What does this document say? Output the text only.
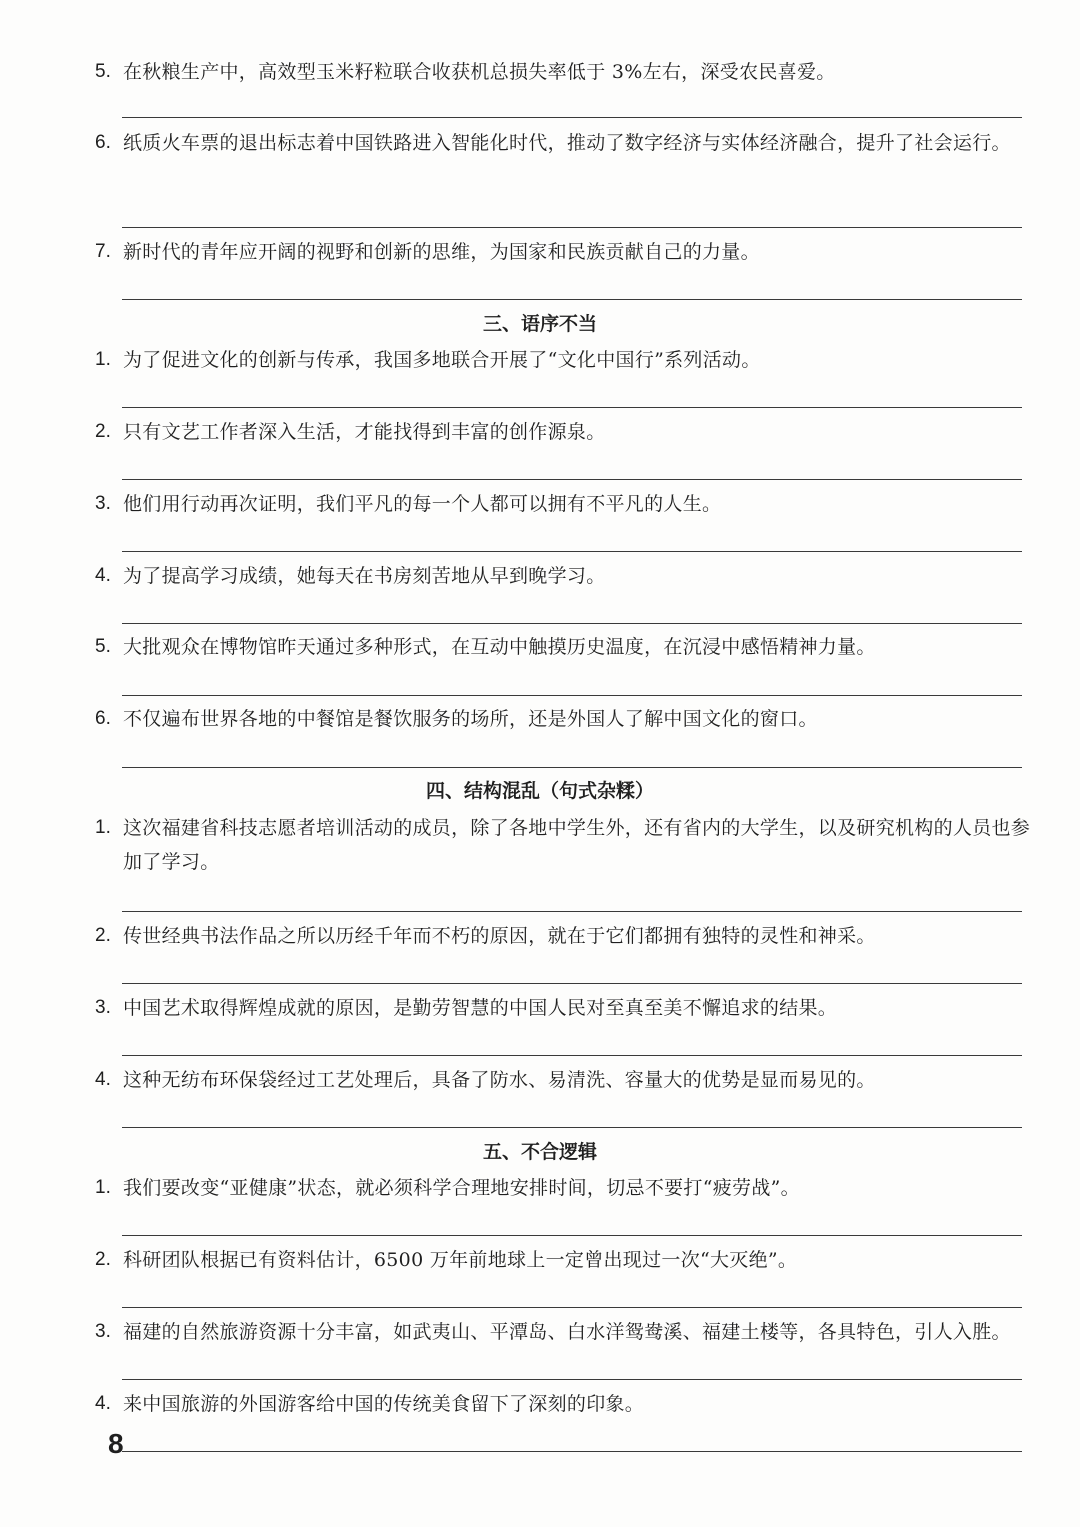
5. 在秋粮生产中，高效型玉米籽粒联合收获机总损失率低于 3%左右，深受农民喜爱。
6. 纸质火车票的退出标志着中国铁路进入智能化时代，推动了数字经济与实体经济融合，提升了社会运行。
7. 新时代的青年应开阔的视野和创新的思维，为国家和民族贡献自己的力量。
三、语序不当
1. 为了促进文化的创新与传承，我国多地联合开展了“文化中国行”系列活动。
2. 只有文艺工作者深入生活，才能找得到丰富的创作源泉。
3. 他们用行动再次证明，我们平凡的每一个人都可以拥有不平凡的人生。
4. 为了提高学习成绩，她每天在书房刻苦地从早到晚学习。
5. 大批观众在博物馆昨天通过多种形式，在互动中触摸历史温度，在沉浸中感悟精神力量。
6. 不仅遍布世界各地的中餐馆是餐饮服务的场所，还是外国人了解中国文化的窗口。
四、结构混乱（句式杂糅）
1. 这次福建省科技志愿者培训活动的成员，除了各地中学生外，还有省内的大学生，以及研究机构的人员也参加了学习。
2. 传世经典书法作品之所以历经千年而不朽的原因，就在于它们都拥有独特的灵性和神采。
3. 中国艺术取得辉煌成就的原因，是勤劳智慧的中国人民对至真至美不懈追求的结果。
4. 这种无纺布环保袋经过工艺处理后，具备了防水、易清洗、容量大的优势是显而易见的。
五、不合逻辑
1. 我们要改变“亚健康”状态，就必须科学合理地安排时间，切忌不要打“疲劳战”。
2. 科研团队根据已有资料估计，6500 万年前地球上一定曾出现过一次“大灭绝”。
3. 福建的自然旅游资源十分丰富，如武夷山、平潭岛、白水洋鸳鸯溪、福建土楼等，各具特色，引人入胜。
4. 来中国旅游的外国游客给中国的传统美食留下了深刻的印象。
8
